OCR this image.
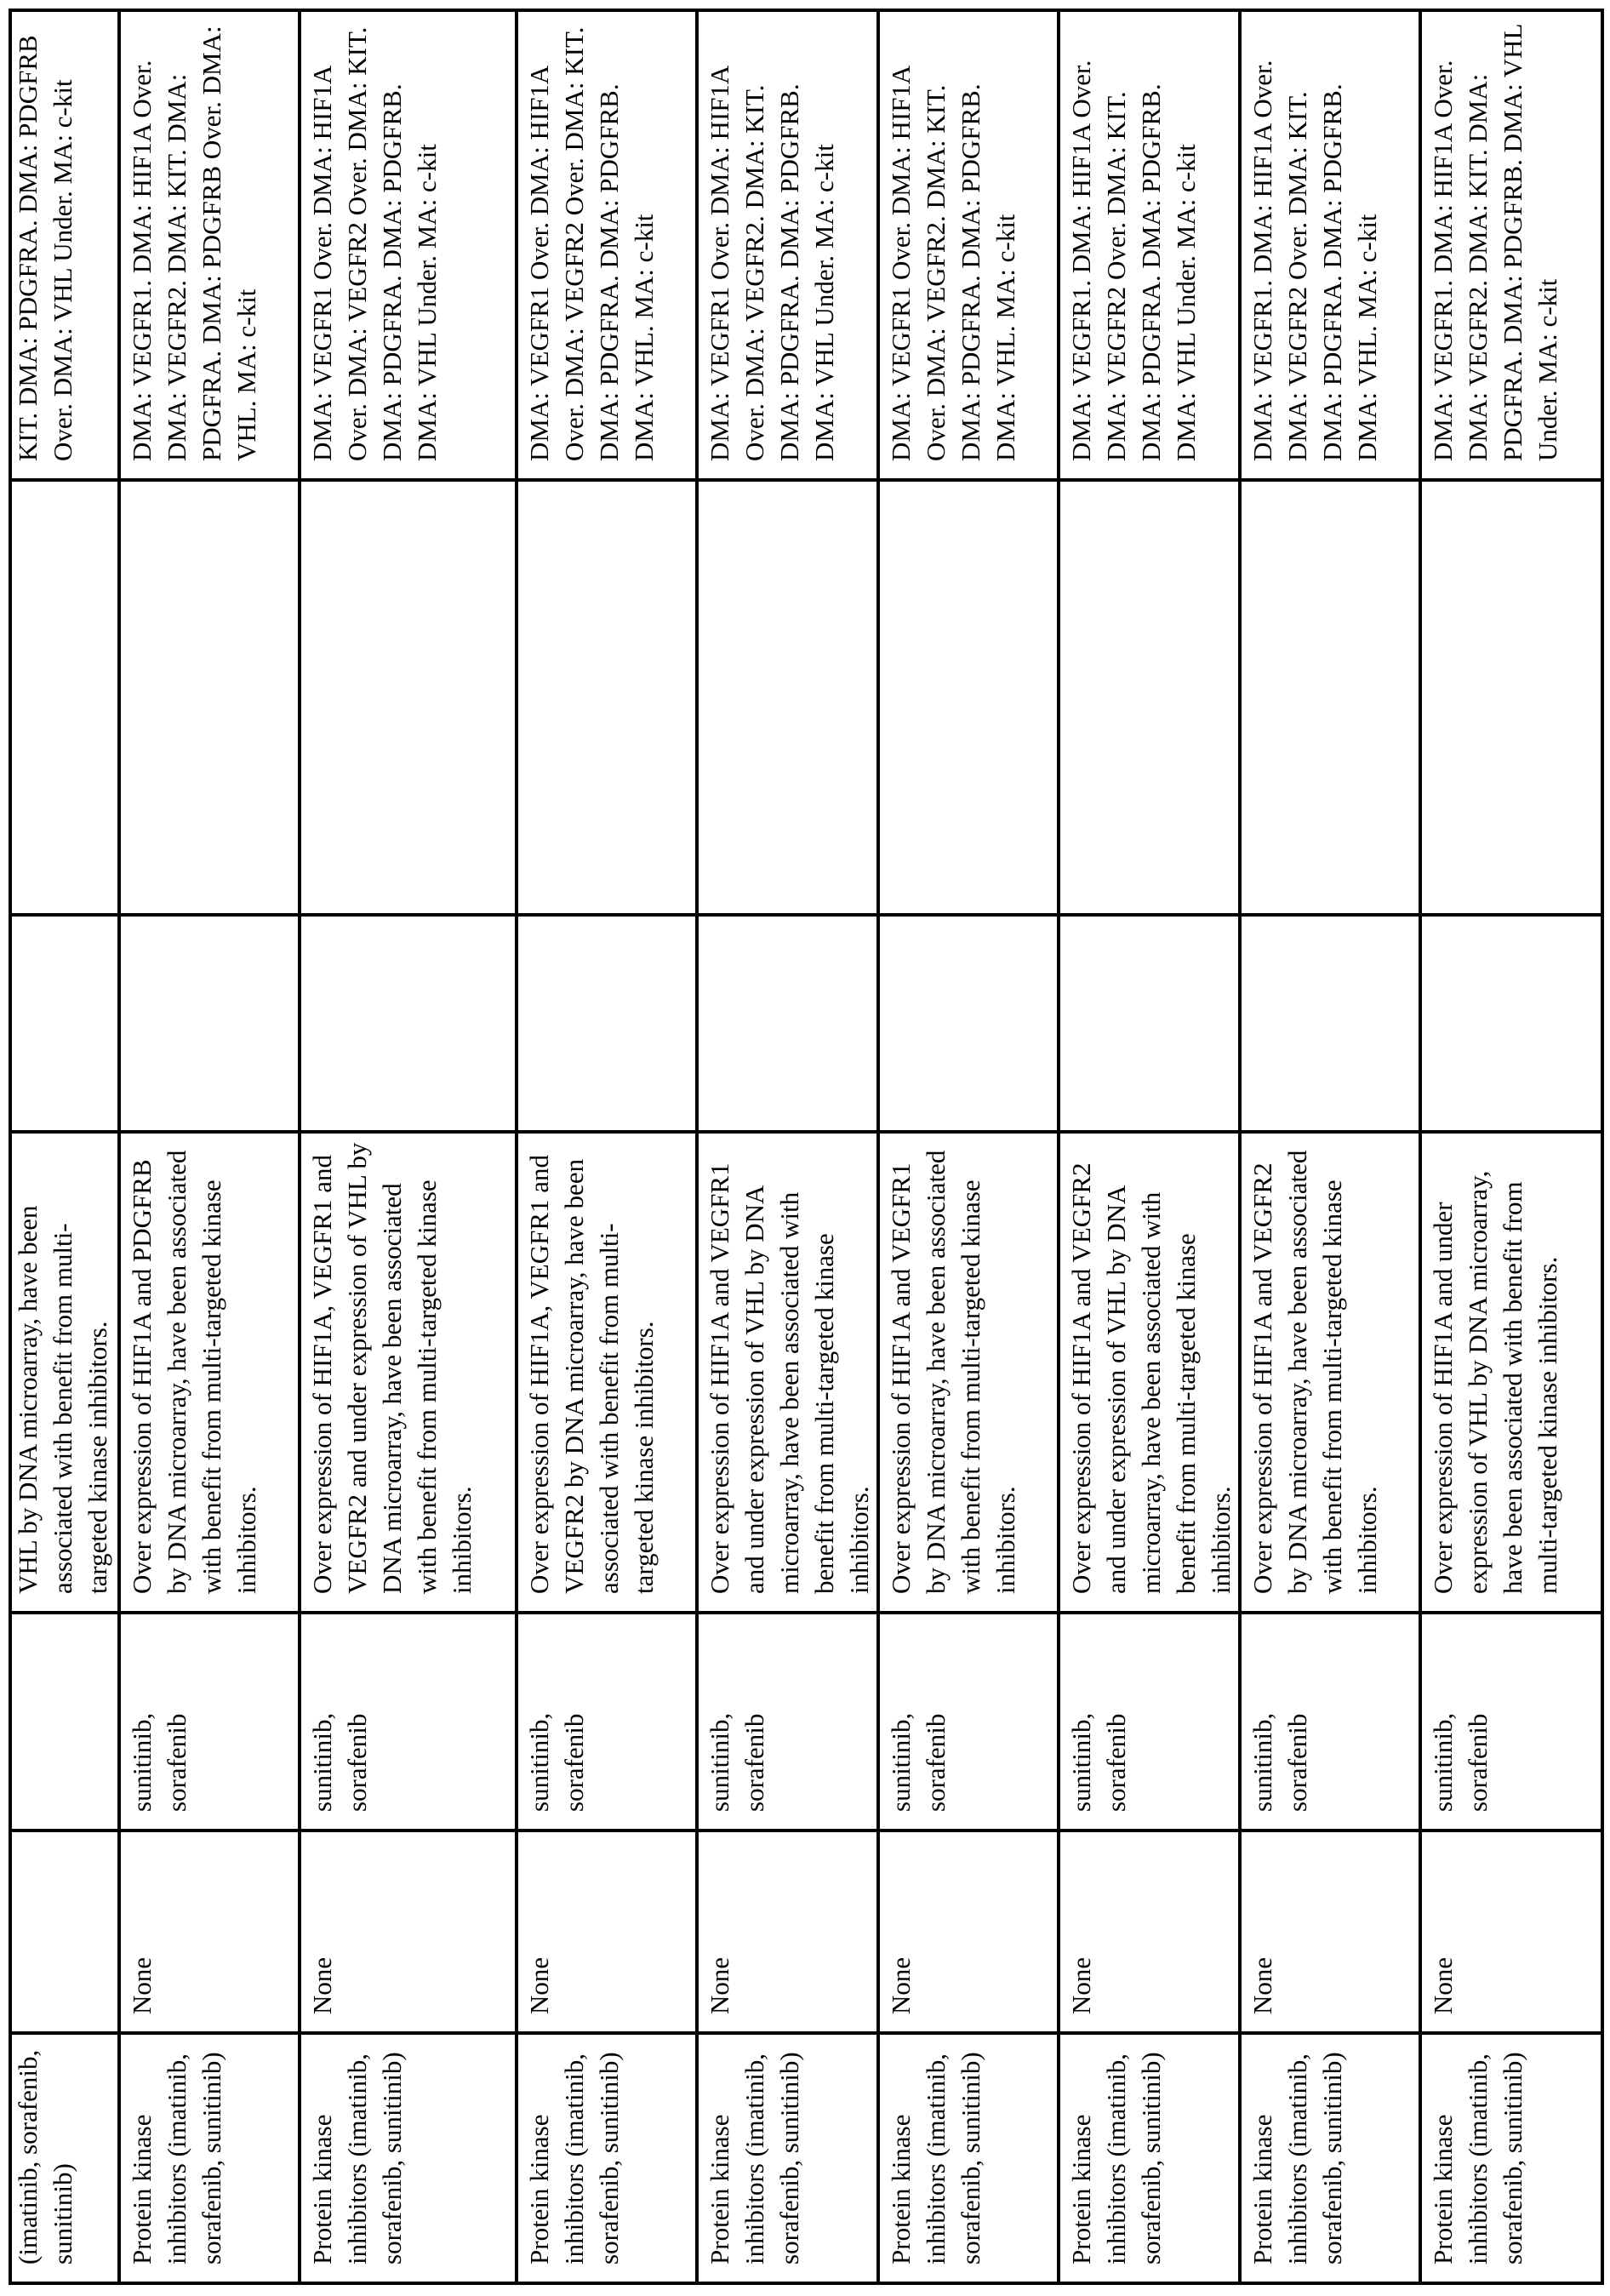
(imatinib, sorafenib, sunitinib)			VHL by DNA microarray, have been associated with benefit from multi-targeted kinase inhibitors.			KIT. DMA: PDGFRA. DMA: PDGFRB Over. DMA: VHL Under. MA: c-kit

Protein kinase inhibitors (imatinib, sorafenib, sunitinib)	None	sunitinib, sorafenib	Over expression of HIF1A and PDGFRB by DNA microarray, have been associated with benefit from multi-targeted kinase inhibitors.			DMA: VEGFR1. DMA: HIF1A Over. DMA: VEGFR2. DMA: KIT. DMA: PDGFRA. DMA: PDGFRB Over. DMA: VHL. MA: c-kit

Protein kinase inhibitors (imatinib, sorafenib, sunitinib)	None	sunitinib, sorafenib	Over expression of HIF1A, VEGFR1 and VEGFR2 and under expression of VHL by DNA microarray, have been associated with benefit from multi-targeted kinase inhibitors.			DMA: VEGFR1 Over. DMA: HIF1A Over. DMA: VEGFR2 Over. DMA: KIT. DMA: PDGFRA. DMA: PDGFRB. DMA: VHL Under. MA: c-kit

Protein kinase inhibitors (imatinib, sorafenib, sunitinib)	None	sunitinib, sorafenib	Over expression of HIF1A, VEGFR1 and VEGFR2 by DNA microarray, have been associated with benefit from multi-targeted kinase inhibitors.			DMA: VEGFR1 Over. DMA: HIF1A Over. DMA: VEGFR2 Over. DMA: KIT. DMA: PDGFRA. DMA: PDGFRB. DMA: VHL. MA: c-kit

Protein kinase inhibitors (imatinib, sorafenib, sunitinib)	None	sunitinib, sorafenib	Over expression of HIF1A and VEGFR1 and under expression of VHL by DNA microarray, have been associated with benefit from multi-targeted kinase inhibitors.			DMA: VEGFR1 Over. DMA: HIF1A Over. DMA: VEGFR2. DMA: KIT. DMA: PDGFRA. DMA: PDGFRB. DMA: VHL Under. MA: c-kit

Protein kinase inhibitors (imatinib, sorafenib, sunitinib)	None	sunitinib, sorafenib	Over expression of HIF1A and VEGFR1 by DNA microarray, have been associated with benefit from multi-targeted kinase inhibitors.			DMA: VEGFR1 Over. DMA: HIF1A Over. DMA: VEGFR2. DMA: KIT. DMA: PDGFRA. DMA: PDGFRB. DMA: VHL. MA: c-kit

Protein kinase inhibitors (imatinib, sorafenib, sunitinib)	None	sunitinib, sorafenib	Over expression of HIF1A and VEGFR2 and under expression of VHL by DNA microarray, have been associated with benefit from multi-targeted kinase inhibitors.			DMA: VEGFR1. DMA: HIF1A Over. DMA: VEGFR2 Over. DMA: KIT. DMA: PDGFRA. DMA: PDGFRB. DMA: VHL Under. MA: c-kit

Protein kinase inhibitors (imatinib, sorafenib, sunitinib)	None	sunitinib, sorafenib	Over expression of HIF1A and VEGFR2 by DNA microarray, have been associated with benefit from multi-targeted kinase inhibitors.			DMA: VEGFR1. DMA: HIF1A Over. DMA: VEGFR2 Over. DMA: KIT. DMA: PDGFRA. DMA: PDGFRB. DMA: VHL. MA: c-kit

Protein kinase inhibitors (imatinib, sorafenib, sunitinib)	None	sunitinib, sorafenib	Over expression of HIF1A and under expression of VHL by DNA microarray, have been associated with benefit from multi-targeted kinase inhibitors.			DMA: VEGFR1. DMA: HIF1A Over. DMA: VEGFR2. DMA: KIT. DMA: PDGFRA. DMA: PDGFRB. DMA: VHL Under. MA: c-kit
